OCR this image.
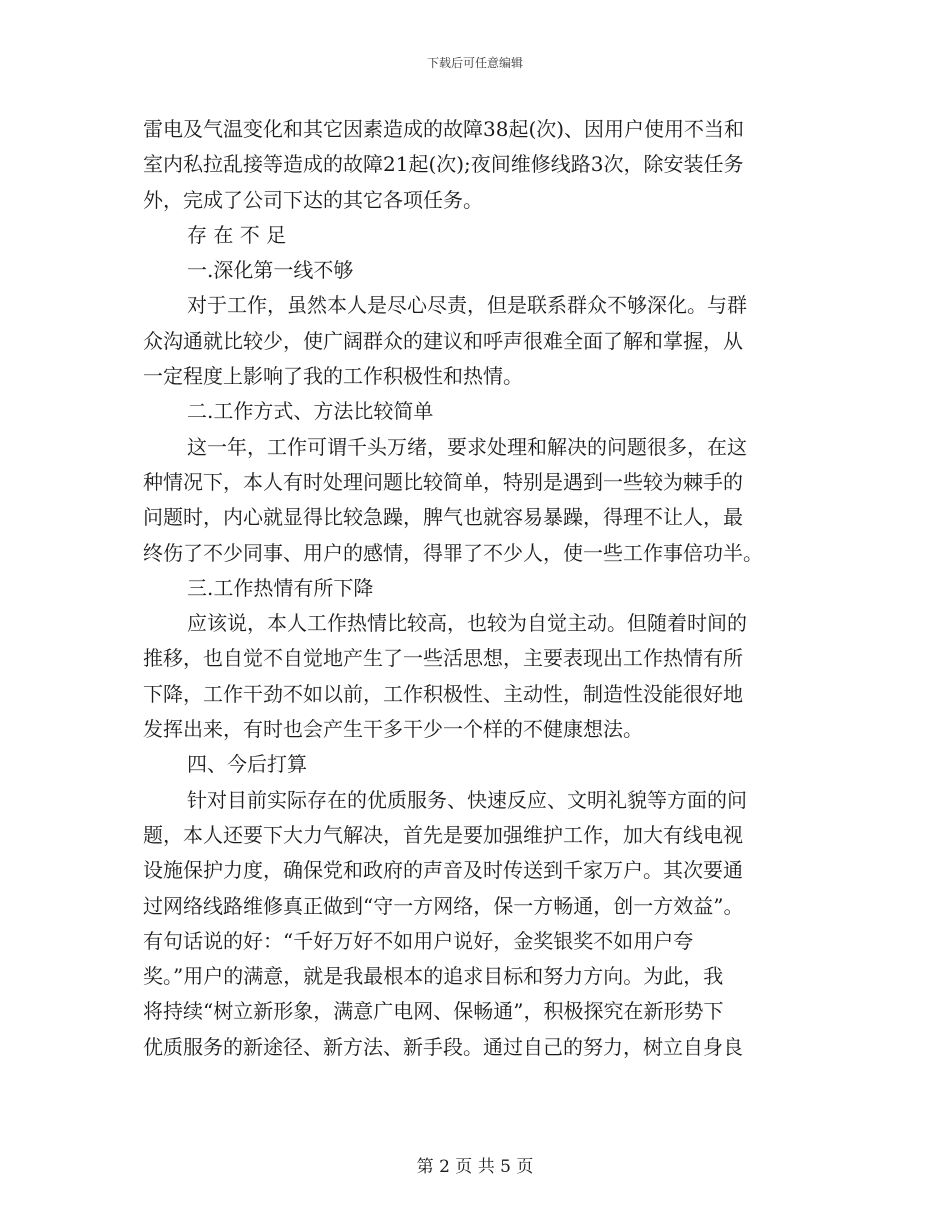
下载后可任意编辑
雷电及气温变化和其它因素造成的故障38起(次)、因用户使用不当和
室内私拉乱接等造成的故障21起(次);夜间维修线路3次，除安装任务
外，完成了公司下达的其它各项任务。
存 在 不 足
一.深化第一线不够
对于工作，虽然本人是尽心尽责，但是联系群众不够深化。与群
众沟通就比较少，使广阔群众的建议和呼声很难全面了解和掌握，从
一定程度上影响了我的工作积极性和热情。
二.工作方式、方法比较简单
这一年，工作可谓千头万绪，要求处理和解决的问题很多，在这
种情况下，本人有时处理问题比较简单，特别是遇到一些较为棘手的
问题时，内心就显得比较急躁，脾气也就容易暴躁，得理不让人，最
终伤了不少同事、用户的感情，得罪了不少人，使一些工作事倍功半。
三.工作热情有所下降
应该说，本人工作热情比较高，也较为自觉主动。但随着时间的
推移，也自觉不自觉地产生了一些活思想，主要表现出工作热情有所
下降，工作干劲不如以前，工作积极性、主动性，制造性没能很好地
发挥出来，有时也会产生干多干少一个样的不健康想法。
四、今后打算
针对目前实际存在的优质服务、快速反应、文明礼貌等方面的问
题，本人还要下大力气解决，首先是要加强维护工作，加大有线电视
设施保护力度，确保党和政府的声音及时传送到千家万户。其次要通
过网络线路维修真正做到“守一方网络，保一方畅通，创一方效益”。
有句话说的好：“千好万好不如用户说好，金奖银奖不如用户夸
奖。”用户的满意，就是我最根本的追求目标和努力方向。为此，我
将持续“树立新形象，满意广电网、保畅通”，积极探究在新形势下
优质服务的新途径、新方法、新手段。通过自己的努力，树立自身良
第 2 页 共 5 页
